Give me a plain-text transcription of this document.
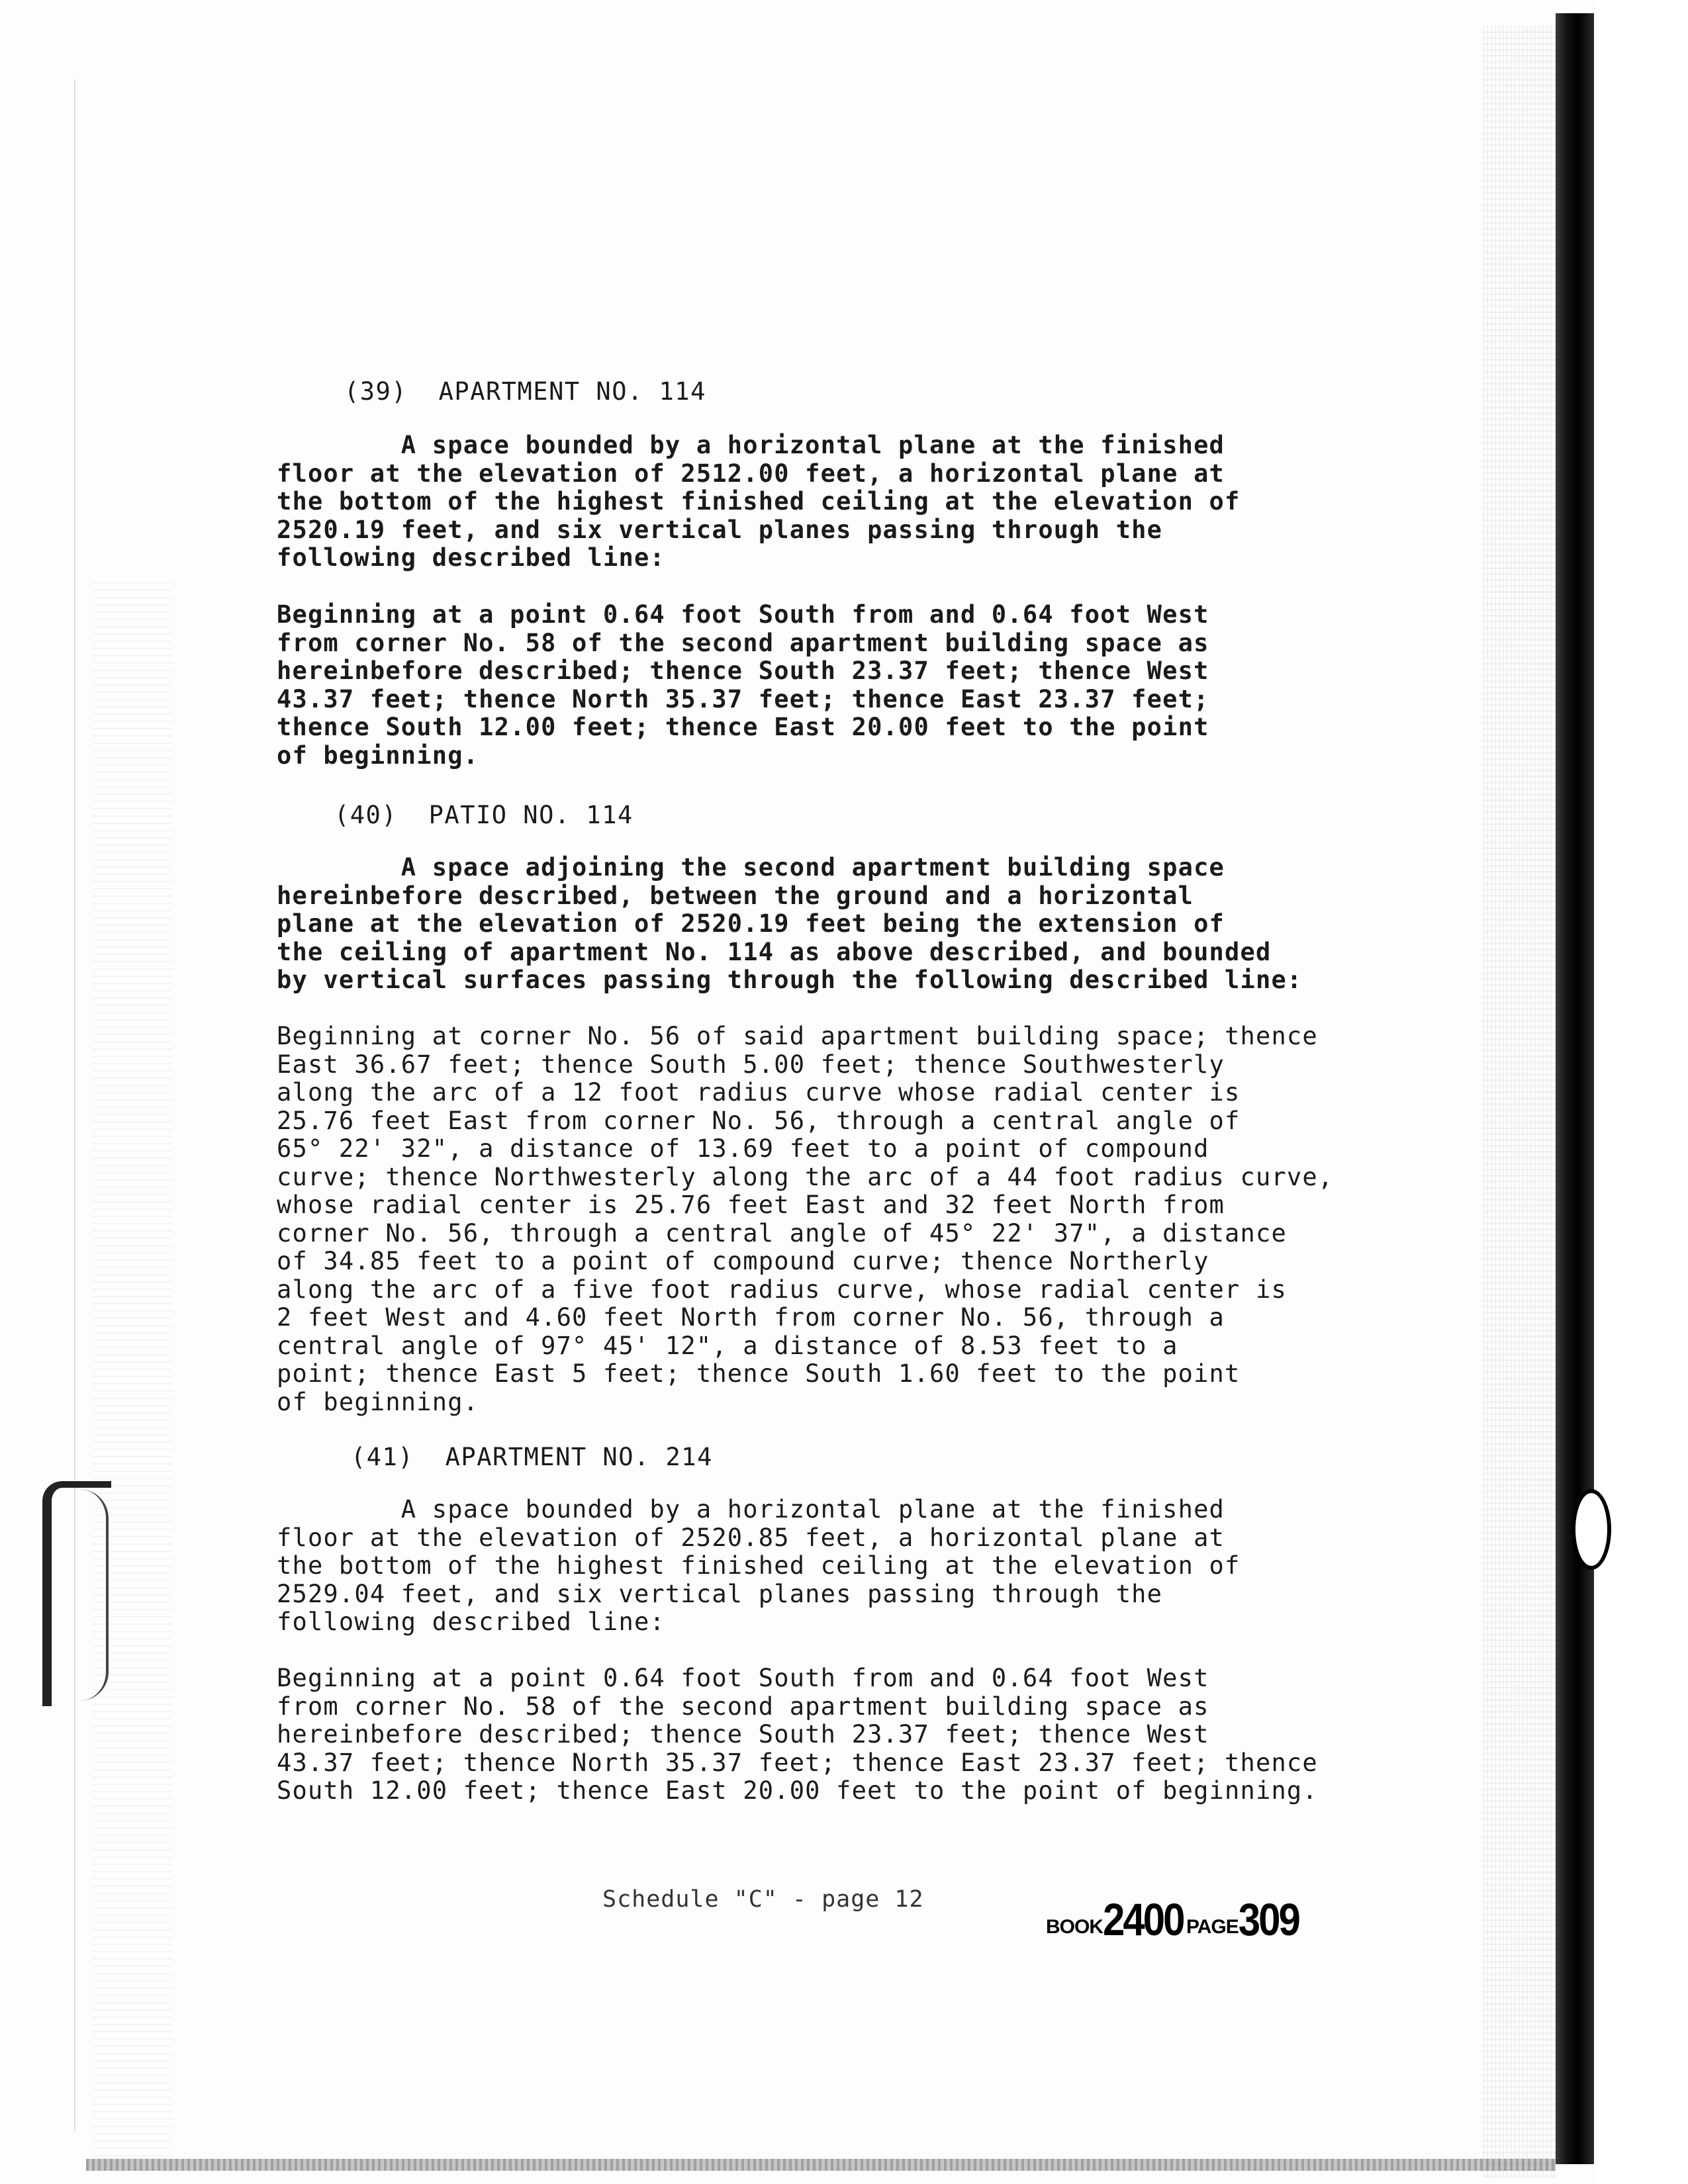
(39)  APARTMENT NO. 114
A space bounded by a horizontal plane at the finished
floor at the elevation of 2512.00 feet, a horizontal plane at
the bottom of the highest finished ceiling at the elevation of
2520.19 feet, and six vertical planes passing through the
following described line:
Beginning at a point 0.64 foot South from and 0.64 foot West
from corner No. 58 of the second apartment building space as
hereinbefore described; thence South 23.37 feet; thence West
43.37 feet; thence North 35.37 feet; thence East 23.37 feet;
thence South 12.00 feet; thence East 20.00 feet to the point
of beginning.
(40)  PATIO NO. 114
A space adjoining the second apartment building space
hereinbefore described, between the ground and a horizontal
plane at the elevation of 2520.19 feet being the extension of
the ceiling of apartment No. 114 as above described, and bounded
by vertical surfaces passing through the following described line:
Beginning at corner No. 56 of said apartment building space; thence
East 36.67 feet; thence South 5.00 feet; thence Southwesterly
along the arc of a 12 foot radius curve whose radial center is
25.76 feet East from corner No. 56, through a central angle of
65° 22' 32", a distance of 13.69 feet to a point of compound
curve; thence Northwesterly along the arc of a 44 foot radius curve,
whose radial center is 25.76 feet East and 32 feet North from
corner No. 56, through a central angle of 45° 22' 37", a distance
of 34.85 feet to a point of compound curve; thence Northerly
along the arc of a five foot radius curve, whose radial center is
2 feet West and 4.60 feet North from corner No. 56, through a
central angle of 97° 45' 12", a distance of 8.53 feet to a
point; thence East 5 feet; thence South 1.60 feet to the point
of beginning.
(41)  APARTMENT NO. 214
A space bounded by a horizontal plane at the finished
floor at the elevation of 2520.85 feet, a horizontal plane at
the bottom of the highest finished ceiling at the elevation of
2529.04 feet, and six vertical planes passing through the
following described line:
Beginning at a point 0.64 foot South from and 0.64 foot West
from corner No. 58 of the second apartment building space as
hereinbefore described; thence South 23.37 feet; thence West
43.37 feet; thence North 35.37 feet; thence East 23.37 feet; thence
South 12.00 feet; thence East 20.00 feet to the point of beginning.
Schedule "C" - page 12
BOOK2400 PAGE309
